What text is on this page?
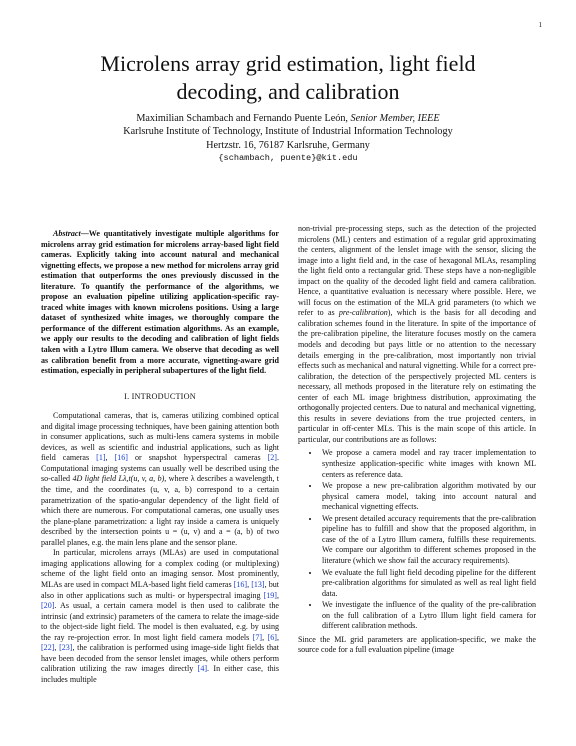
1
Microlens array grid estimation, light field
decoding, and calibration
Maximilian Schambach and Fernando Puente León, Senior Member, IEEE
Karlsruhe Institute of Technology, Institute of Industrial Information Technology
Hertzstr. 16, 76187 Karlsruhe, Germany
{schambach, puente}@kit.edu

Abstract—We quantitatively investigate multiple algorithms for microlens array grid estimation for microlens array-based light field cameras. Explicitly taking into account natural and mechanical vignetting effects, we propose a new method for microlens array grid estimation that outperforms the ones previously discussed in the literature. To quantify the performance of the algorithms, we propose an evaluation pipeline utilizing application-specific ray-traced white images with known microlens positions. Using a large dataset of synthesized white images, we thoroughly compare the performance of the different estimation algorithms. As an example, we apply our results to the decoding and calibration of light fields taken with a Lytro Illum camera. We observe that decoding as well as calibration benefit from a more accurate, vignetting-aware grid estimation, especially in peripheral subapertures of the light field.

I. INTRODUCTION

Computational cameras, that is, cameras utilizing combined optical and digital image processing techniques, have been gaining attention both in consumer applications, such as multi-lens camera systems in mobile devices, as well as scientific and industrial applications, such as light field cameras [1], [16] or snapshot hyperspectral cameras [2]. Computational imaging systems can usually well be described using the so-called 4D light field Lλ,t(u, v, a, b), where λ describes a wavelength, t the time, and the coordinates (u, v, a, b) correspond to a certain parametrization of the spatio-angular dependency of the light field of which there are numerous. For computational cameras, one usually uses the plane-plane parametrization: a light ray inside a camera is uniquely described by the intersection points u = (u, v) and a = (a, b) of two parallel planes, e.g. the main lens plane and the sensor plane.

In particular, microlens arrays (MLAs) are used in computational imaging applications allowing for a complex coding (or multiplexing) scheme of the light field onto an imaging sensor. Most prominently, MLAs are used in compact MLA-based light field cameras [16], [13], but also in other applications such as multi- or hyperspectral imaging [19], [20]. As usual, a certain camera model is then used to calibrate the intrinsic (and extrinsic) parameters of the camera to relate the image-side to the object-side light field. The model is then evaluated, e.g. by using the ray re-projection error. In most light field camera models [7], [6], [22], [23], the calibration is performed using image-side light fields that have been decoded from the sensor lenslet images, while others perform calibration utilizing the raw images directly [4]. In either case, this includes multiple

non-trivial pre-processing steps, such as the detection of the projected microlens (ML) centers and estimation of a regular grid approximating the centers, alignment of the lenslet image with the sensor, slicing the image into a light field and, in the case of hexagonal MLAs, resampling the light field onto a rectangular grid. These steps have a non-negligible impact on the quality of the decoded light field and camera calibration. Hence, a quantitative evaluation is necessary where possible. Here, we will focus on the estimation of the MLA grid parameters (to which we refer to as pre-calibration), which is the basis for all decoding and calibration schemes found in the literature. In spite of the importance of the pre-calibration pipeline, the literature focuses mostly on the camera models and decoding but pays little or no attention to the necessary details emerging in the pre-calibration, most importantly non trivial effects such as mechanical and natural vignetting. While for a correct pre-calibration, the detection of the perspectively projected ML centers is necessary, all methods proposed in the literature rely on estimating the center of each ML image brightness distribution, approximating the orthogonally projected centers. Due to natural and mechanical vignetting, this results in severe deviations from the true projected centers, in particular in off-center MLs. This is the main scope of this article. In particular, our contributions are as follows:

• We propose a camera model and ray tracer implementation to synthesize application-specific white images with known ML centers as reference data.
• We propose a new pre-calibration algorithm motivated by our physical camera model, taking into account natural and mechanical vignetting effects.
• We present detailed accuracy requirements that the pre-calibration pipeline has to fulfill and show that the proposed algorithm, in case of the of a Lytro Illum camera, fulfills these requirements. We compare our algorithm to different schemes proposed in the literature (which we show fail the accuracy requirements).
• We evaluate the full light field decoding pipeline for the different pre-calibration algorithms for simulated as well as real light field data.
• We investigate the influence of the quality of the pre-calibration on the full calibration of a Lytro Illum light field camera for different calibration methods.

Since the ML grid parameters are application-specific, we make the source code for a full evaluation pipeline (image
